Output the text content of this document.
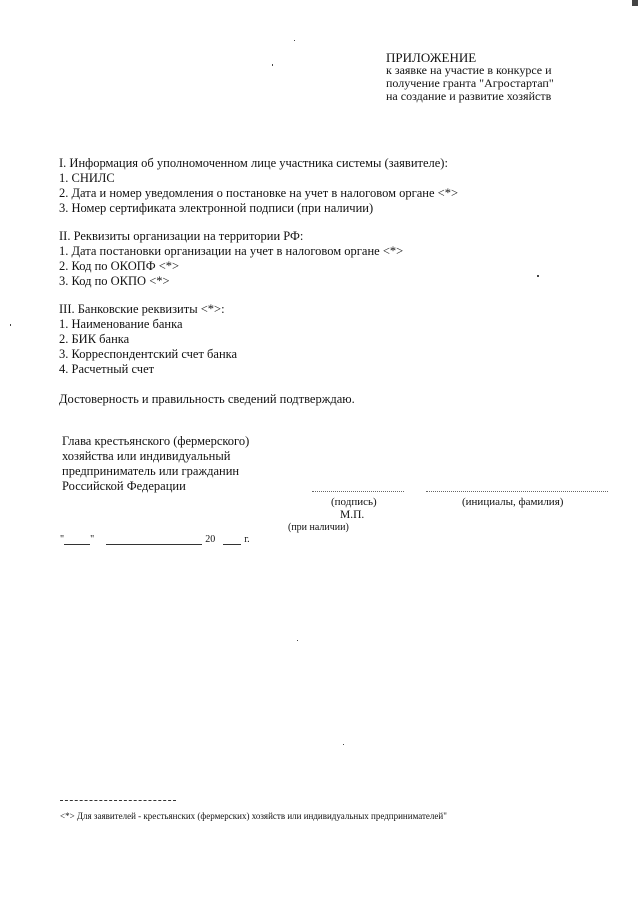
ПРИЛОЖЕНИЕ
к заявке на участие в конкурсе и
получение гранта "Агростартап"
на создание и развитие хозяйств
I. Информация об уполномоченном лице участника системы (заявителе):
1. СНИЛС
2. Дата и номер уведомления о постановке на учет в налоговом органе <*>
3. Номер сертификата электронной подписи (при наличии)
II. Реквизиты организации на территории РФ:
1. Дата постановки организации на учет в налоговом органе <*>
2. Код по ОКОПФ <*>
3. Код по ОКПО <*>
III. Банковские реквизиты <*>:
1. Наименование банка
2. БИК банка
3. Корреспондентский счет банка
4. Расчетный счет
Достоверность и правильность сведений подтверждаю.
Глава крестьянского (фермерского)
хозяйства или индивидуальный
предприниматель или гражданин
Российской Федерации
(подпись)	(инициалы, фамилия)
М.П.
(при наличии)
"	"	20	г.
<*> Для заявителей - крестьянских (фермерских) хозяйств или индивидуальных предпринимателей"
